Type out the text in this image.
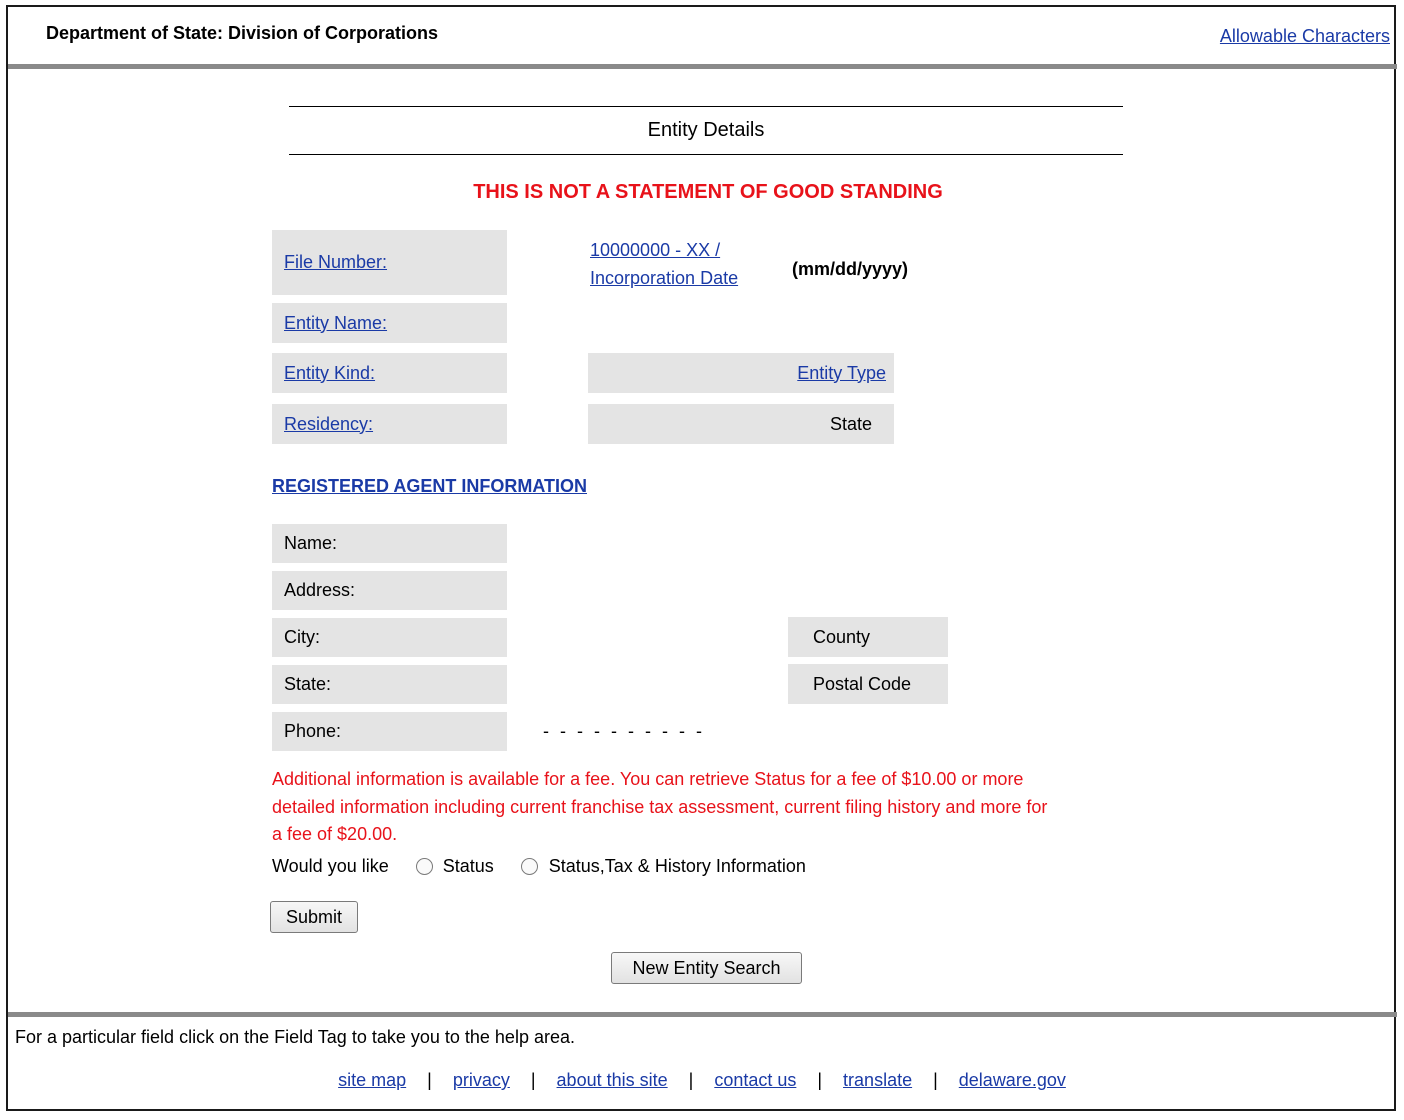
Department of State: Division of Corporations	Allowable Characters
Entity Details
THIS IS NOT A STATEMENT OF GOOD STANDING
File Number:
10000000 - XX /
Incorporation Date	(mm/dd/yyyy)
Entity Name:
Entity Kind:	Entity Type
Residency:	State
REGISTERED AGENT INFORMATION
Name:
Address:
City:	County
State:	Postal Code
Phone:	- - - - - - - - - -
Additional information is available for a fee. You can retrieve Status for a fee of $10.00 or more detailed information including current franchise tax assessment, current filing history and more for a fee of $20.00.
Would you like	Status	Status,Tax & History Information
Submit
New Entity Search
For a particular field click on the Field Tag to take you to the help area.
site map	|	privacy	|	about this site	|	contact us	|	translate	|	delaware.gov
